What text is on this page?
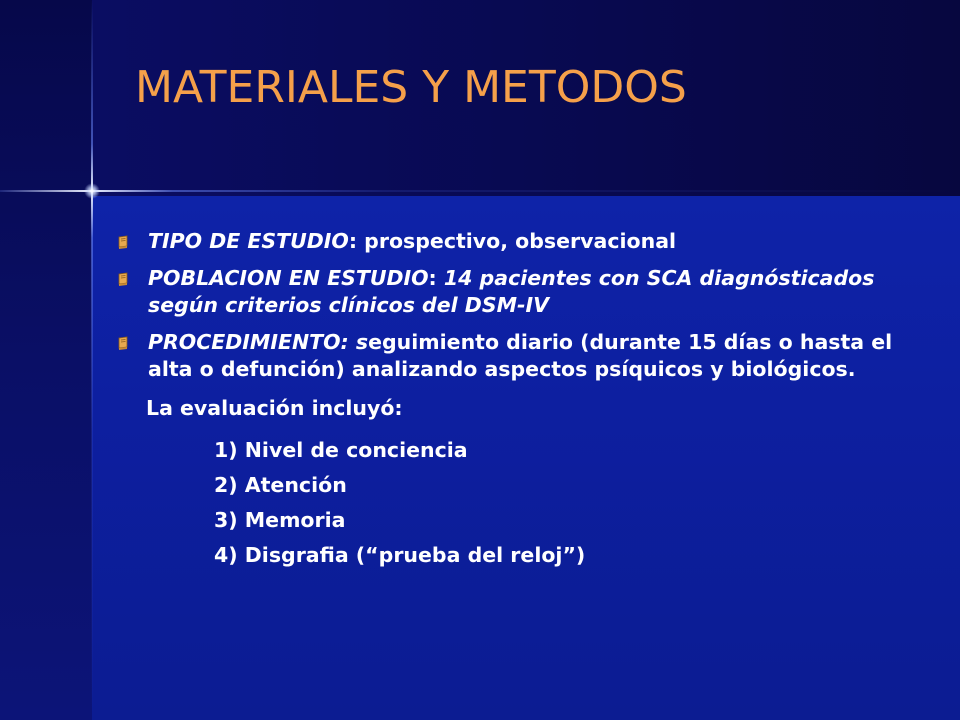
MATERIALES Y METODOS
TIPO DE ESTUDIO: prospectivo, observacional
POBLACION EN ESTUDIO: 14 pacientes con SCA diagnósticados según criterios clínicos del DSM-IV
PROCEDIMIENTO: seguimiento diario (durante 15 días o hasta el alta o defunción) analizando aspectos psíquicos y biológicos.
La evaluación incluyó:
1) Nivel de conciencia
2) Atención
3) Memoria
4) Disgrafia (“prueba del reloj”)
